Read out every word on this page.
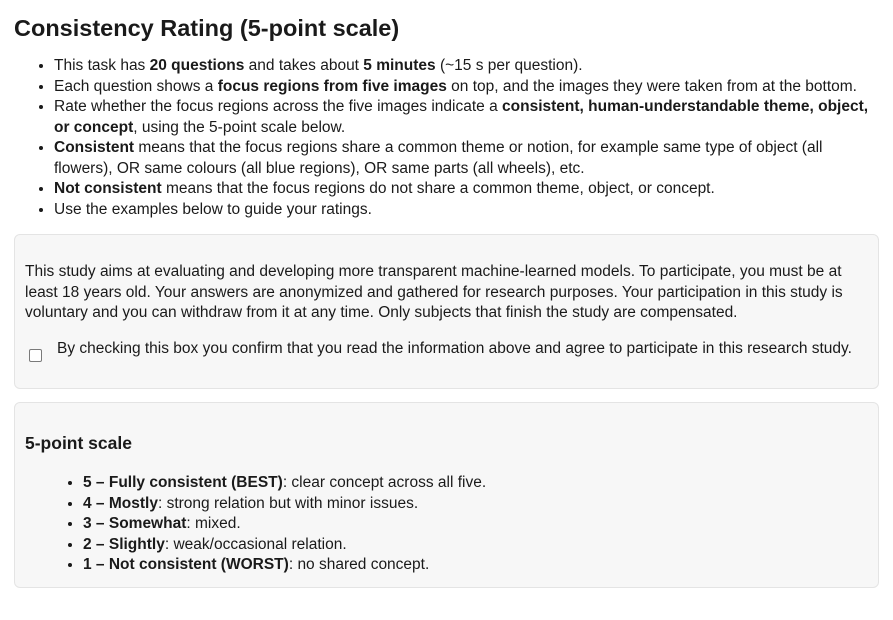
Consistency Rating (5-point scale)
• This task has 20 questions and takes about 5 minutes (~15 s per question).
• Each question shows a focus regions from five images on top, and the images they were taken from at the bottom.
• Rate whether the focus regions across the five images indicate a consistent, human-understandable theme, object, or concept, using the 5-point scale below.
• Consistent means that the focus regions share a common theme or notion, for example same type of object (all flowers), OR same colours (all blue regions), OR same parts (all wheels), etc.
• Not consistent means that the focus regions do not share a common theme, object, or concept.
• Use the examples below to guide your ratings.

This study aims at evaluating and developing more transparent machine-learned models. To participate, you must be at least 18 years old. Your answers are anonymized and gathered for research purposes. Your participation in this study is voluntary and you can withdraw from it at any time. Only subjects that finish the study are compensated.

By checking this box you confirm that you read the information above and agree to participate in this research study.
5-point scale
• 5 – Fully consistent (BEST): clear concept across all five.
• 4 – Mostly: strong relation but with minor issues.
• 3 – Somewhat: mixed.
• 2 – Slightly: weak/occasional relation.
• 1 – Not consistent (WORST): no shared concept.
